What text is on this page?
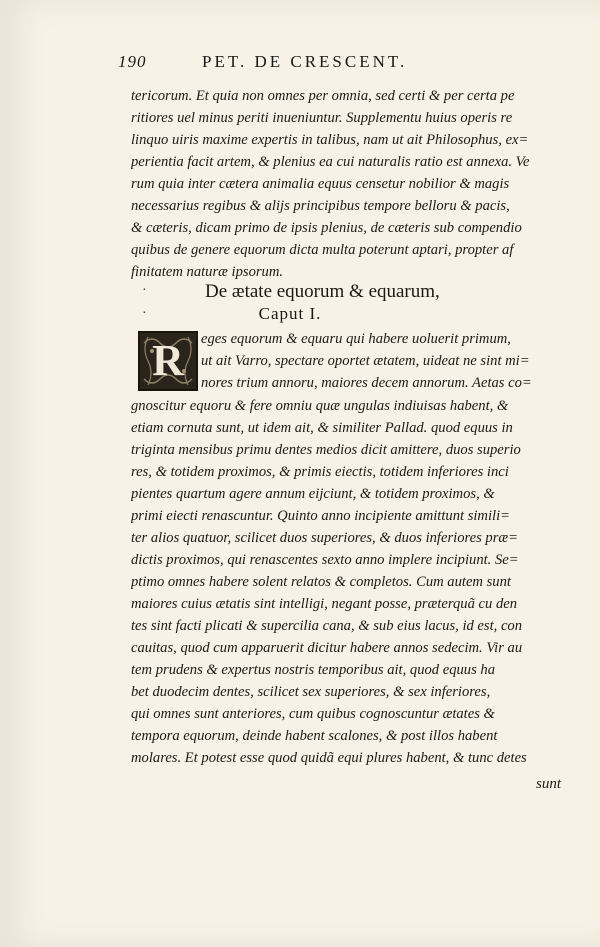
190	PET. DE CRESCENT.
tericorum. Et quia non omnes per omnia, sed certi & per certa pe
ritiores uel minus periti inueniuntur. Supplementu huius operis re
linquo uiris maxime expertis in talibus, nam ut ait Philosophus, ex=
perientia facit artem, & plenius ea cui naturalis ratio est annexa. Ve
rum quia inter cætera animalia equus censetur nobilior & magis
necessarius regibus & alijs principibus tempore belloru & pacis,
& cæteris, dicam primo de ipsis plenius, de cæteris sub compendio
quibus de genere equorum dicta multa poterunt aptari, propter af
finitatem naturæ ipsorum.
De ætate equorum & equarum,
Caput I.
R	eges equorum & equaru qui habere uoluerit primum,
ut ait Varro, spectare oportet ætatem, uideat ne sint mi=
nores trium annoru, maiores decem annorum. Aetas co=
gnoscitur equoru & fere omniu quæ ungulas indiuisas habent, &
etiam cornuta sunt, ut idem ait, & similiter Pallad. quod equus in
triginta mensibus primu dentes medios dicit amittere, duos superio
res, & totidem proximos, & primis eiectis, totidem inferiores inci
pientes quartum agere annum eijciunt, & totidem proximos, &
primi eiecti renascuntur. Quinto anno incipiente amittunt simili=
ter alios quatuor, scilicet duos superiores, & duos inferiores præ=
dictis proximos, qui renascentes sexto anno implere incipiunt. Se=
ptimo omnes habere solent relatos & completos. Cum autem sunt
maiores cuius ætatis sint intelligi, negant posse, præterquã cu den
tes sint facti plicati & supercilia cana, & sub eius lacus, id est, con
cauitas, quod cum apparuerit dicitur habere annos sedecim. Vir au
tem prudens & expertus nostris temporibus ait, quod equus ha
bet duodecim dentes, scilicet sex superiores, & sex inferiores,
qui omnes sunt anteriores, cum quibus cognoscuntur ætates &
tempora equorum, deinde habent scalones, & post illos habent
molares. Et potest esse quod quidã equi plures habent, & tunc detes
sunt
·
·
